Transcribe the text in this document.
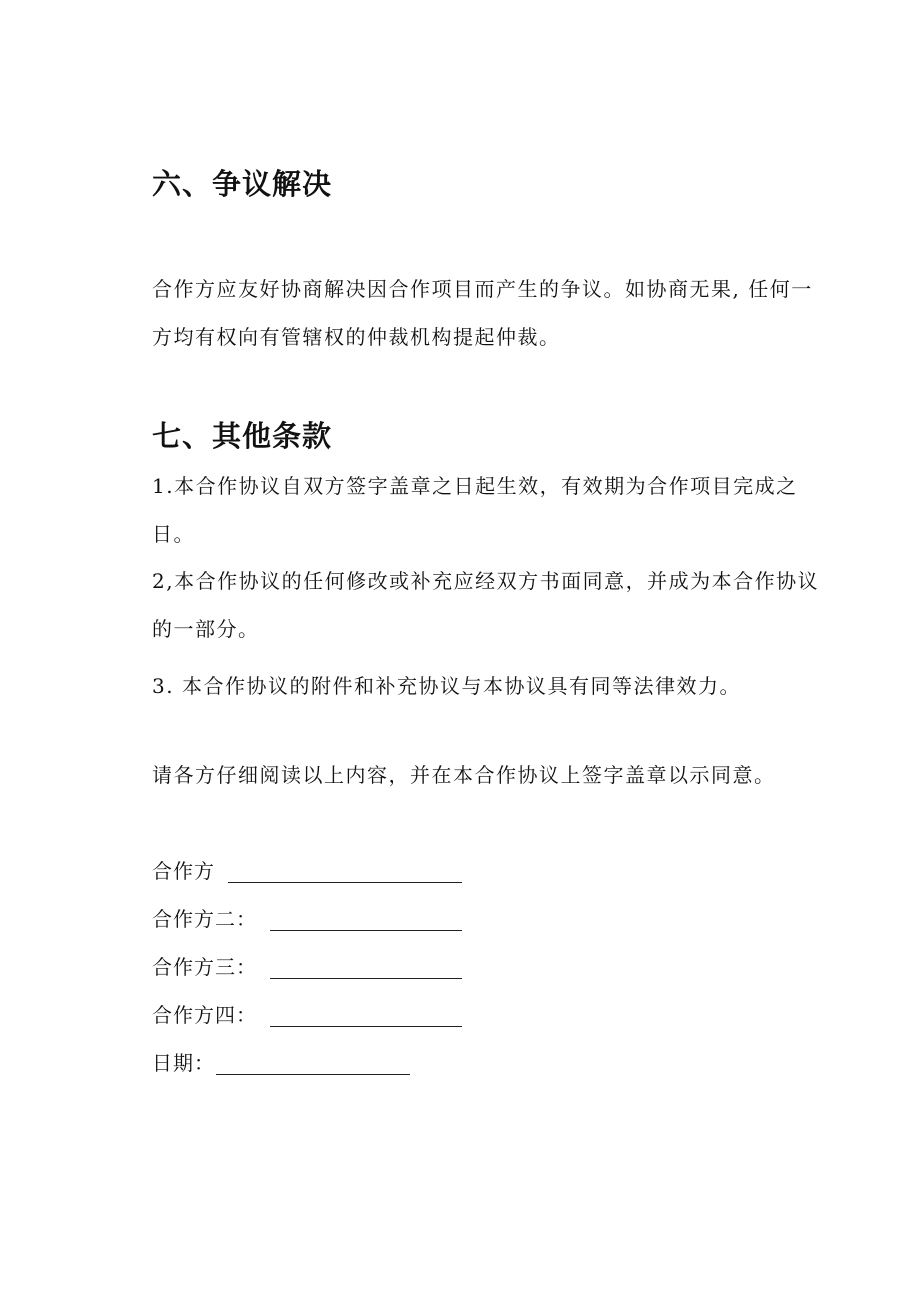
六、争议解决
合作方应友好协商解决因合作项目而产生的争议。如协商无果, 任何一
方均有权向有管辖权的仲裁机构提起仲裁。
七、其他条款
1.本合作协议自双方签字盖章之日起生效，有效期为合作项目完成之
日。
2,本合作协议的任何修改或补充应经双方书面同意，并成为本合作协议
的一部分。
3. 本合作协议的附件和补充协议与本协议具有同等法律效力。
请各方仔细阅读以上内容，并在本合作协议上签字盖章以示同意。
合作方
合作方二：
合作方三：
合作方四：
日期：
